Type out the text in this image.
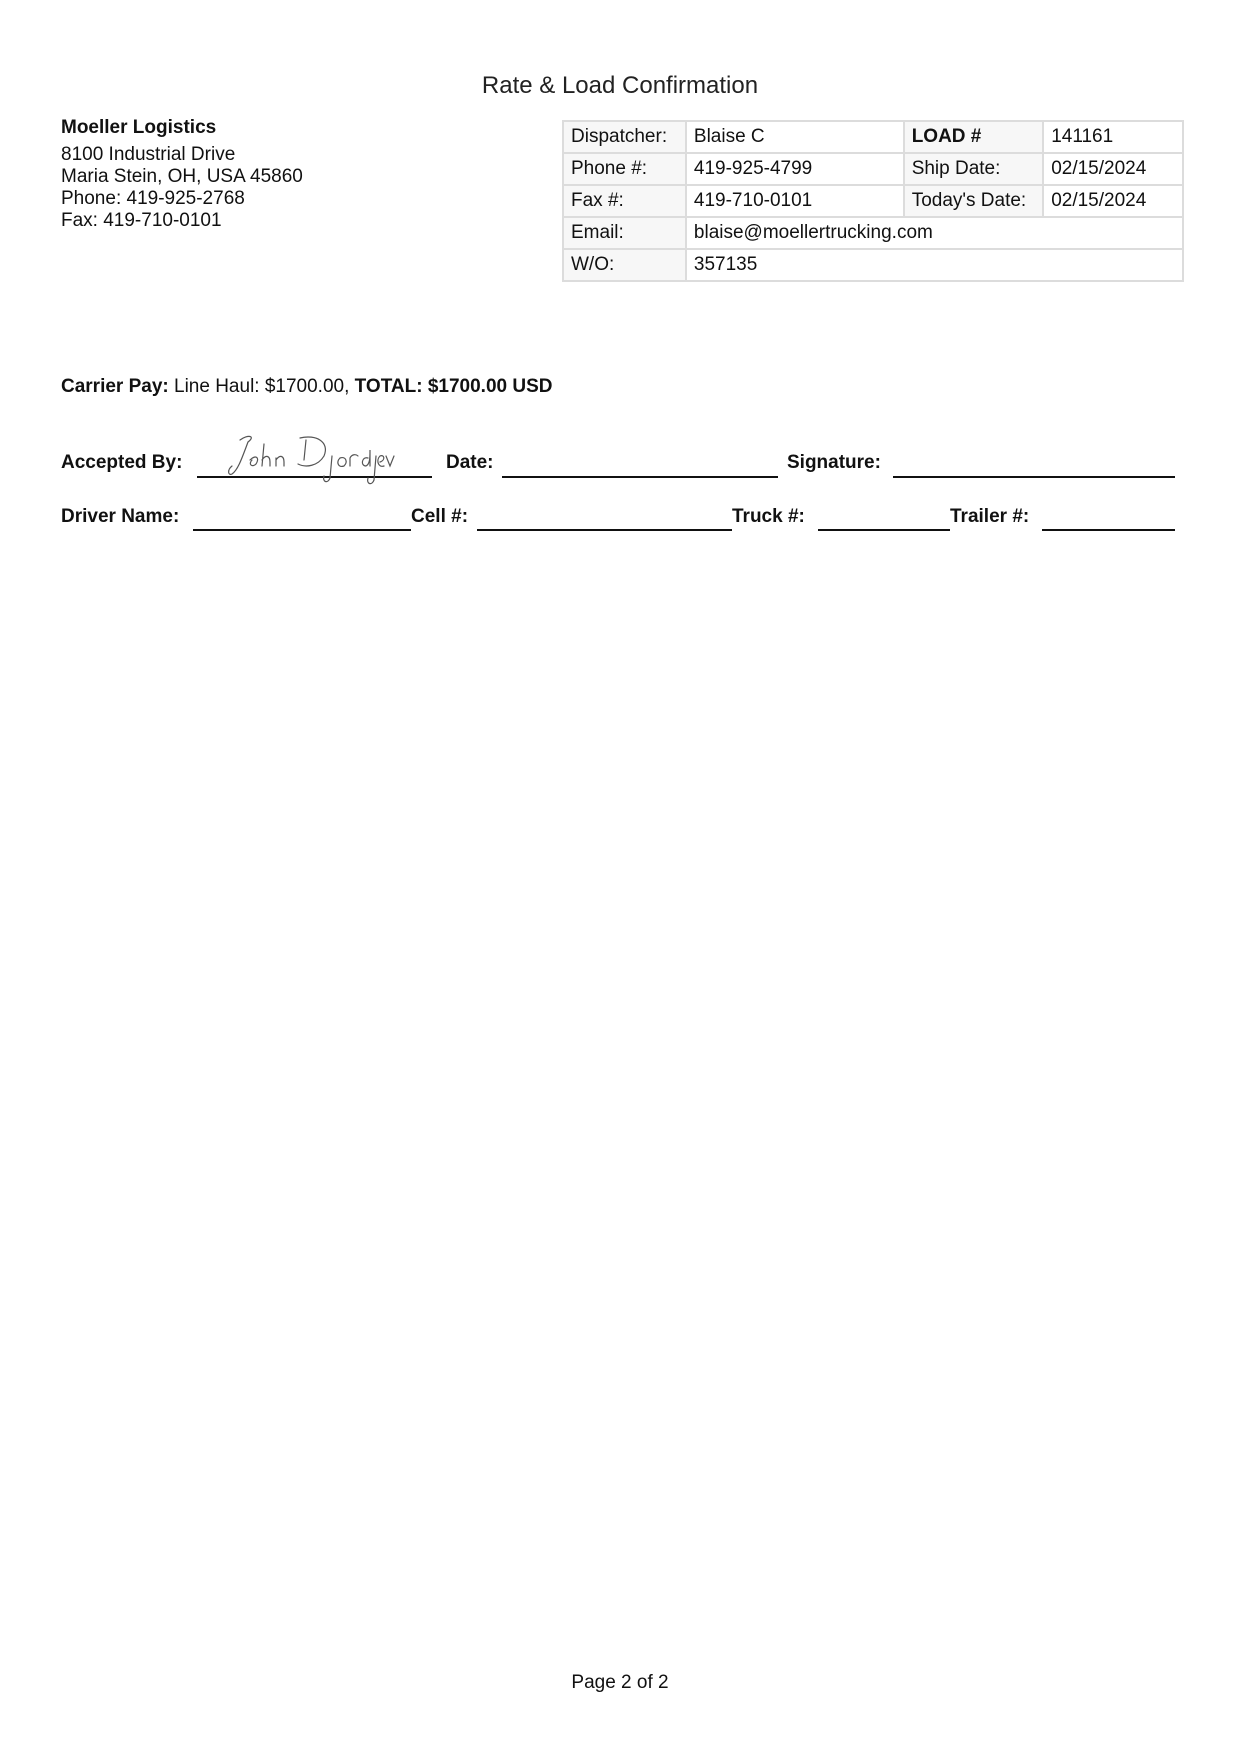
Rate & Load Confirmation
Moeller Logistics
8100 Industrial Drive
Maria Stein, OH, USA 45860
Phone: 419-925-2768
Fax: 419-710-0101
Dispatcher:	Blaise C	LOAD #	141161
Phone #:	419-925-4799	Ship Date:	02/15/2024
Fax #:	419-710-0101	Today's Date:	02/15/2024
Email:	blaise@moellertrucking.com		
W/O:	357135		
Carrier Pay: Line Haul: $1700.00, TOTAL: $1700.00 USD
Accepted By:
John Djordjevic
Date:	Signature:
Driver Name:	Cell #:	Truck #:	Trailer #:
Page 2 of 2
